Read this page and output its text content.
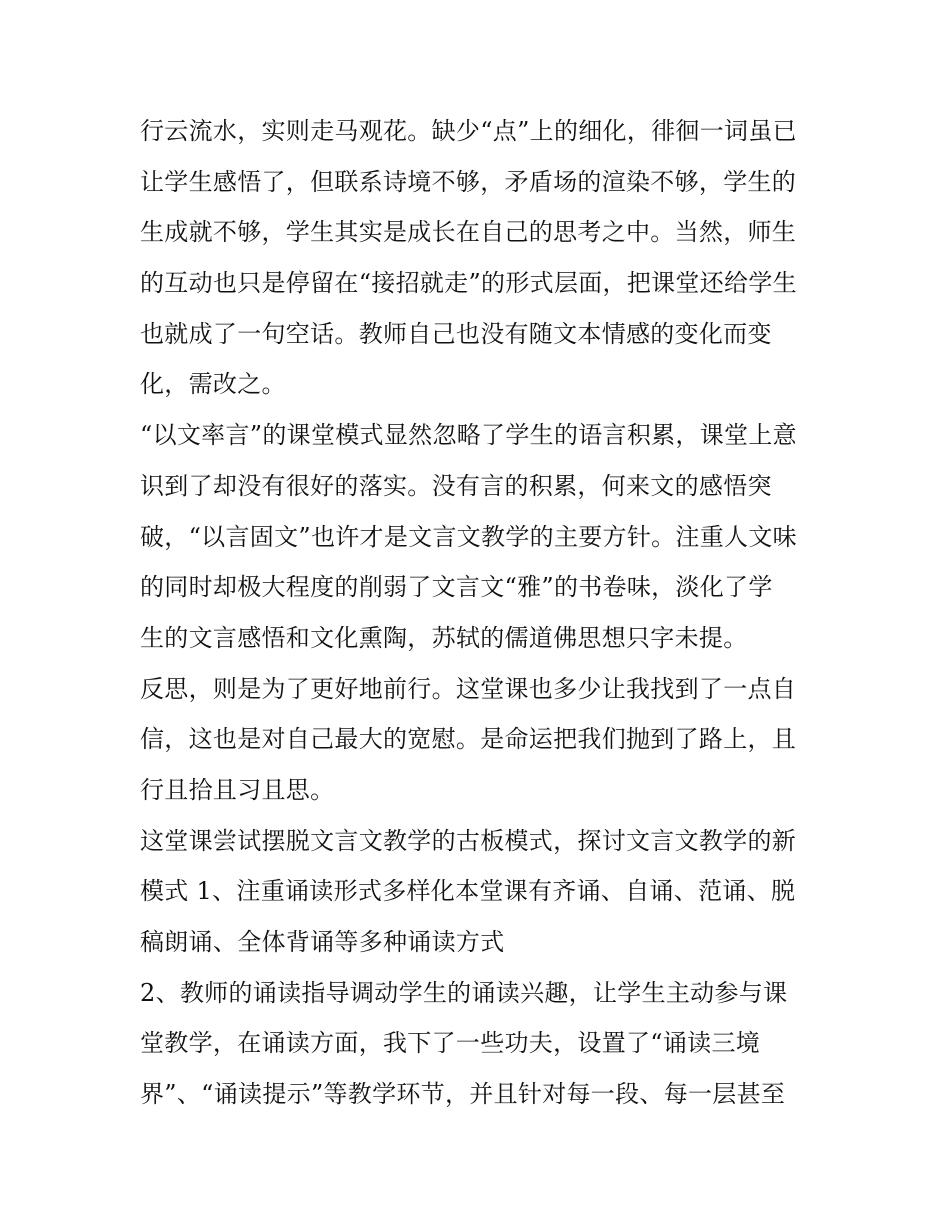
行云流水，实则走马观花。缺少“点”上的细化，徘徊一词虽已
让学生感悟了，但联系诗境不够，矛盾场的渲染不够，学生的
生成就不够，学生其实是成长在自己的思考之中。当然，师生
的互动也只是停留在“接招就走”的形式层面，把课堂还给学生
也就成了一句空话。教师自己也没有随文本情感的变化而变
化，需改之。
“以文率言”的课堂模式显然忽略了学生的语言积累，课堂上意
识到了却没有很好的落实。没有言的积累，何来文的感悟突
破，“以言固文”也许才是文言文教学的主要方针。注重人文味
的同时却极大程度的削弱了文言文“雅”的书卷味，淡化了学
生的文言感悟和文化熏陶，苏轼的儒道佛思想只字未提。
反思，则是为了更好地前行。这堂课也多少让我找到了一点自
信，这也是对自己最大的宽慰。是命运把我们抛到了路上，且
行且拾且习且思。
这堂课尝试摆脱文言文教学的古板模式，探讨文言文教学的新
模式 1、注重诵读形式多样化本堂课有齐诵、自诵、范诵、脱
稿朗诵、全体背诵等多种诵读方式
2、教师的诵读指导调动学生的诵读兴趣，让学生主动参与课
堂教学，在诵读方面，我下了一些功夫，设置了“诵读三境
界”、“诵读提示”等教学环节，并且针对每一段、每一层甚至
